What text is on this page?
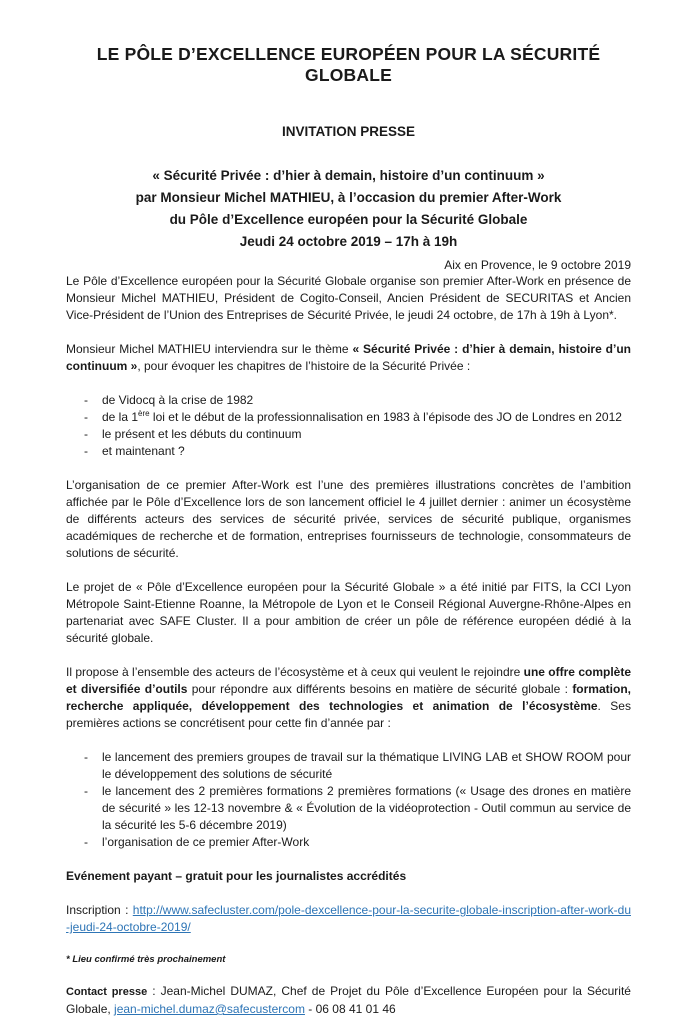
LE PÔLE D’EXCELLENCE EUROPÉEN POUR LA SÉCURITÉ GLOBALE
INVITATION PRESSE
« Sécurité Privée : d’hier à demain, histoire d’un continuum »
par Monsieur Michel MATHIEU, à l’occasion du premier After-Work
du Pôle d’Excellence européen pour la Sécurité Globale
Jeudi 24 octobre 2019 – 17h à 19h
Aix en Provence, le 9 octobre 2019

Le Pôle d’Excellence européen pour la Sécurité Globale organise son premier After-Work en présence de Monsieur Michel MATHIEU, Président de Cogito-Conseil, Ancien Président de SECURITAS et Ancien Vice-Président de l’Union des Entreprises de Sécurité Privée, le jeudi 24 octobre, de 17h à 19h à Lyon*.

Monsieur Michel MATHIEU interviendra sur le thème « Sécurité Privée : d’hier à demain, histoire d’un continuum », pour évoquer les chapitres de l’histoire de la Sécurité Privée :

-	de Vidocq à la crise de 1982
-	de la 1ère loi et le début de la professionnalisation en 1983 à l’épisode des JO de Londres en 2012
-	le présent et les débuts du continuum
-	et maintenant ?

L’organisation de ce premier After-Work est l’une des premières illustrations concrètes de l’ambition affichée par le Pôle d’Excellence lors de son lancement officiel le 4 juillet dernier : animer un écosystème de différents acteurs des services de sécurité privée, services de sécurité publique, organismes académiques de recherche et de formation, entreprises fournisseurs de technologie, consommateurs de solutions de sécurité.

Le projet de « Pôle d’Excellence européen pour la Sécurité Globale » a été initié par FITS, la CCI Lyon Métropole Saint-Etienne Roanne, la Métropole de Lyon et le Conseil Régional Auvergne-Rhône-Alpes en partenariat avec SAFE Cluster. Il a pour ambition de créer un pôle de référence européen dédié à la sécurité globale.

Il propose à l’ensemble des acteurs de l’écosystème et à ceux qui veulent le rejoindre une offre complète et diversifiée d’outils pour répondre aux différents besoins en matière de sécurité globale : formation, recherche appliquée, développement des technologies et animation de l’écosystème. Ses premières actions se concrétisent pour cette fin d’année par :

-	le lancement des premiers groupes de travail sur la thématique LIVING LAB et SHOW ROOM pour le développement des solutions de sécurité
-	le lancement des 2 premières formations 2 premières formations (« Usage des drones en matière de sécurité » les 12-13 novembre & « Évolution de la vidéoprotection - Outil commun au service de la sécurité les 5-6 décembre 2019)
-	l’organisation de ce premier After-Work

Evénement payant – gratuit pour les journalistes accrédités

Inscription : http://www.safecluster.com/pole-dexcellence-pour-la-securite-globale-inscription-after-work-du-jeudi-24-octobre-2019/

* Lieu confirmé très prochainement

Contact presse : Jean-Michel DUMAZ, Chef de Projet du Pôle d’Excellence Européen pour la Sécurité Globale, jean-michel.dumaz@safecustercom - 06 08 41 01 46
